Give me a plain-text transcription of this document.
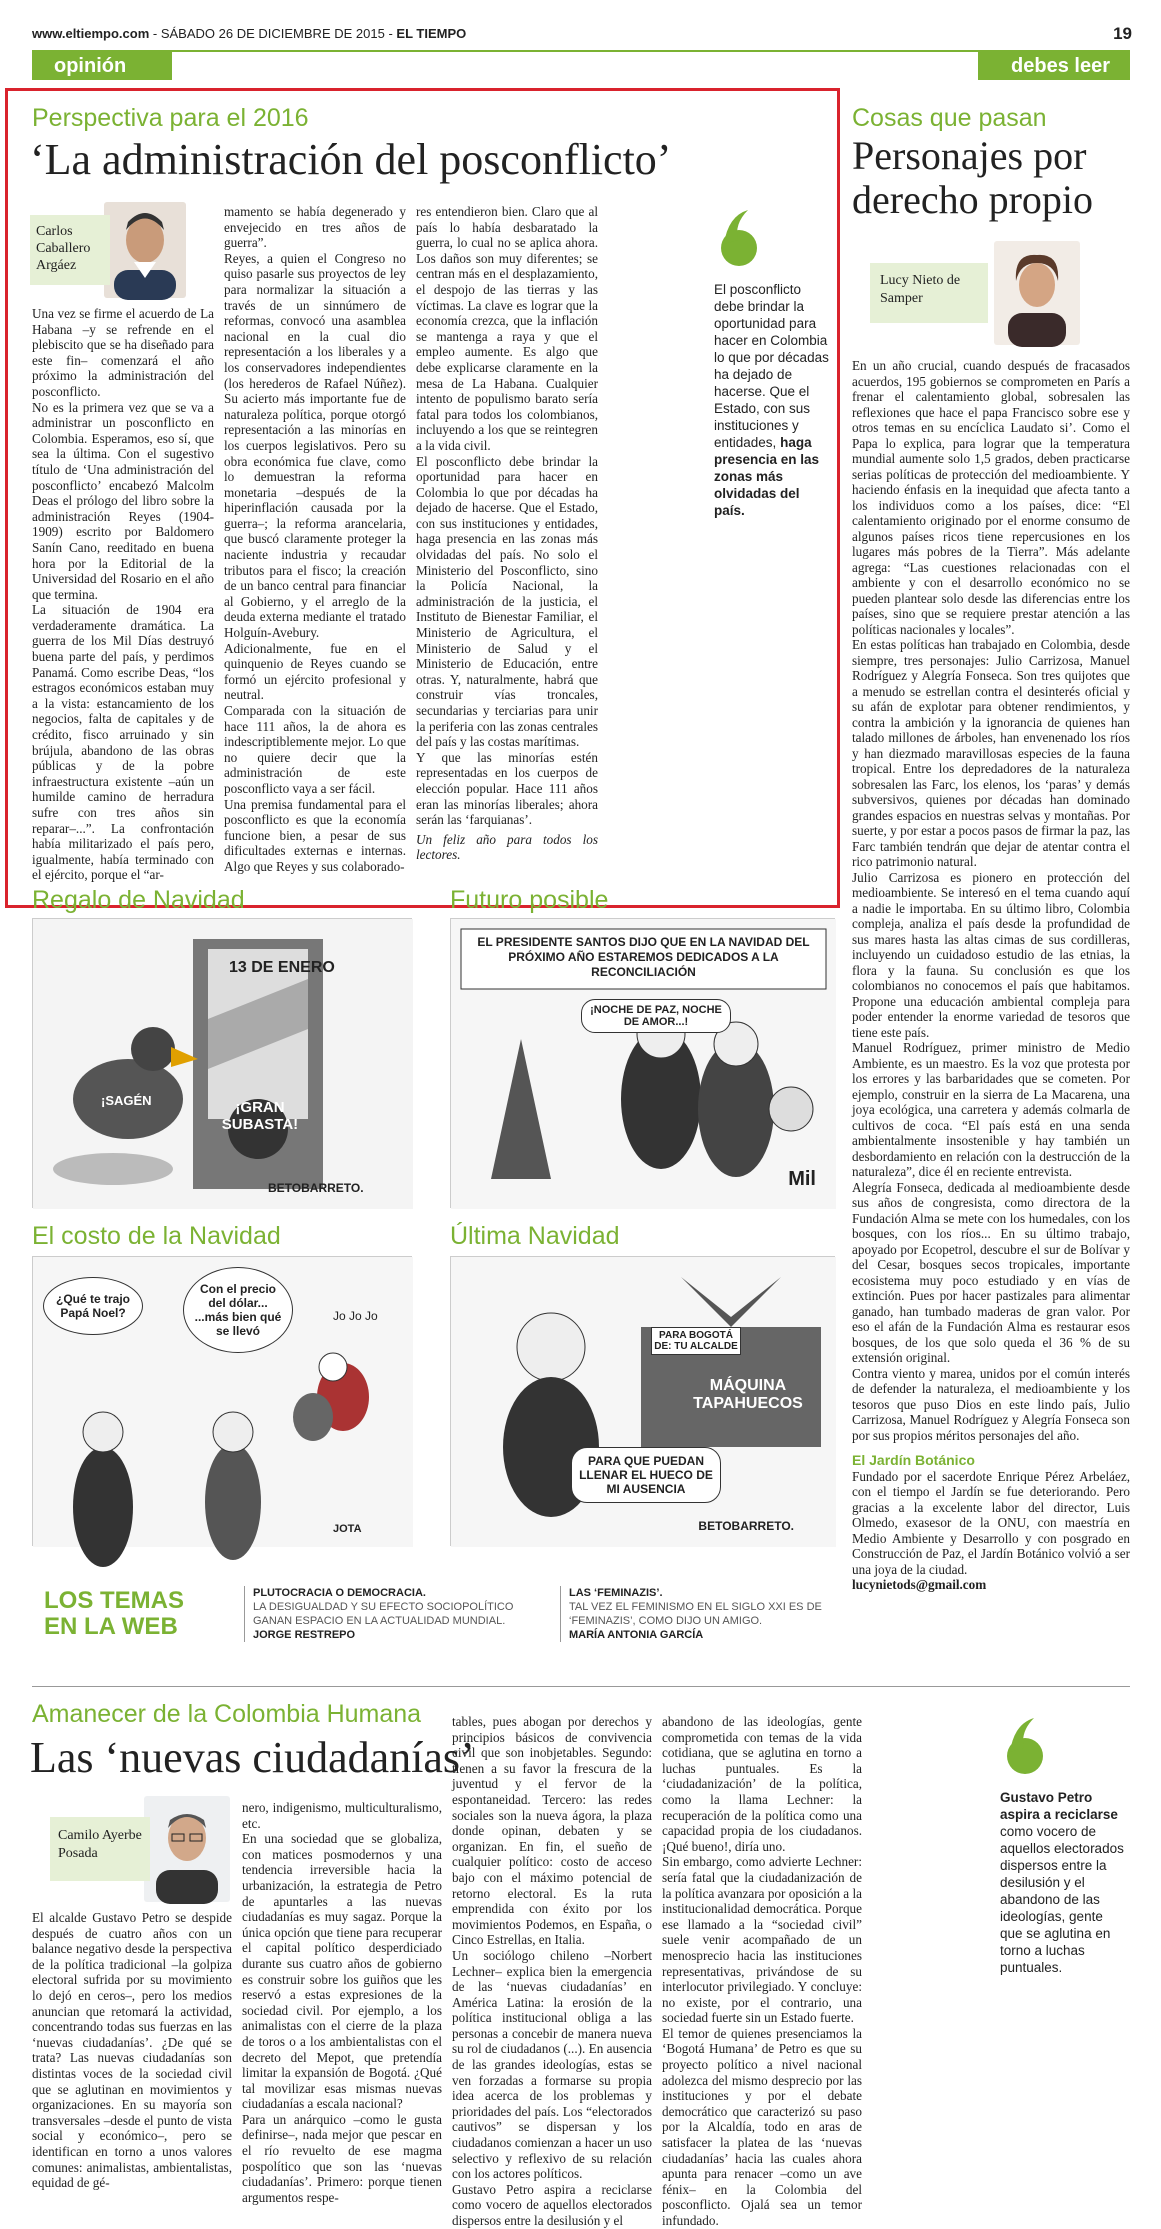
www.eltiempo.com - SÁBADO 26 DE DICIEMBRE DE 2015 - EL TIEMPO	19
opinión	debes leer
Perspectiva para el 2016
‘La administración del posconflicto’
Carlos Caballero Argáez
Una vez se firme el acuerdo de La Habana –y se refrende en el plebiscito que se ha diseñado para este fin– comenzará el año próximo la administración del posconflicto.
No es la primera vez que se va a administrar un posconflicto en Colombia. Esperamos, eso sí, que sea la última. Con el sugestivo título de ‘Una administración del posconflicto’ encabezó Malcolm Deas el prólogo del libro sobre la administración Reyes (1904-1909) escrito por Baldomero Sanín Cano, reeditado en buena hora por la Editorial de la Universidad del Rosario en el año que termina.
La situación de 1904 era verdaderamente dramática. La guerra de los Mil Días destruyó buena parte del país, y perdimos Panamá. Como escribe Deas, “los estragos económicos estaban muy a la vista: estancamiento de los negocios, falta de capitales y de crédito, fisco arruinado y sin brújula, abandono de las obras públicas y de la pobre infraestructura existente –aún un humilde camino de herradura sufre con tres años sin reparar–...”. La confrontación había militarizado el país pero, igualmente, había terminado con el ejército, porque el “ar-
mamento se había degenerado y envejecido en tres años de guerra”.
Reyes, a quien el Congreso no quiso pasarle sus proyectos de ley para normalizar la situación a través de un sinnúmero de reformas, convocó una asamblea nacional en la cual dio representación a los liberales y a los conservadores independientes (los herederos de Rafael Núñez). Su acierto más importante fue de naturaleza política, porque otorgó representación a las minorías en los cuerpos legislativos. Pero su obra económica fue clave, como lo demuestran la reforma monetaria –después de la hiperinflación causada por la guerra–; la reforma arancelaria, que buscó claramente proteger la naciente industria y recaudar tributos para el fisco; la creación de un banco central para financiar al Gobierno, y el arreglo de la deuda externa mediante el tratado Holguín-Avebury. Adicionalmente, fue en el quinquenio de Reyes cuando se formó un ejército profesional y neutral.
Comparada con la situación de hace 111 años, la de ahora es indescriptiblemente mejor. Lo que no quiere decir que la administración de este posconflicto vaya a ser fácil.
Una premisa fundamental para el posconflicto es que la economía funcione bien, a pesar de sus dificultades externas e internas. Algo que Reyes y sus colaborado-
res entendieron bien. Claro que al país lo había desbaratado la guerra, lo cual no se aplica ahora. Los daños son muy diferentes; se centran más en el desplazamiento, el despojo de las tierras y las víctimas. La clave es lograr que la economía crezca, que la inflación se mantenga a raya y que el empleo aumente. Es algo que debe explicarse claramente en la mesa de La Habana. Cualquier intento de populismo barato sería fatal para todos los colombianos, incluyendo a los que se reintegren a la vida civil.
El posconflicto debe brindar la oportunidad para hacer en Colombia lo que por décadas ha dejado de hacerse. Que el Estado, con sus instituciones y entidades, haga presencia en las zonas más olvidadas del país. No solo el Ministerio del Posconflicto, sino la Policía Nacional, la administración de la justicia, el Instituto de Bienestar Familiar, el Ministerio de Agricultura, el Ministerio de Salud y el Ministerio de Educación, entre otras. Y, naturalmente, habrá que construir vías troncales, secundarias y terciarias para unir la periferia con las zonas centrales del país y las costas marítimas.
Y que las minorías estén representadas en los cuerpos de elección popular. Hace 111 años eran las minorías liberales; ahora serán las ‘farquianas’.
Un feliz año para todos los lectores.
El posconflicto debe brindar la oportunidad para hacer en Colombia lo que por décadas ha dejado de hacerse. Que el Estado, con sus instituciones y entidades, haga presencia en las zonas más olvidadas del país.
Cosas que pasan
Personajes por derecho propio
Lucy Nieto de Samper
En un año crucial, cuando después de fracasados acuerdos, 195 gobiernos se comprometen en París a frenar el calentamiento global, sobresalen las reflexiones que hace el papa Francisco sobre ese y otros temas en su encíclica Laudato si’. Como el Papa lo explica, para lograr que la temperatura mundial aumente solo 1,5 grados, deben practicarse serias políticas de protección del medioambiente. Y haciendo énfasis en la inequidad que afecta tanto a los individuos como a los países, dice: “El calentamiento originado por el enorme consumo de algunos países ricos tiene repercusiones en los lugares más pobres de la Tierra”. Más adelante agrega: “Las cuestiones relacionadas con el ambiente y con el desarrollo económico no se pueden plantear solo desde las diferencias entre los países, sino que se requiere prestar atención a las políticas nacionales y locales”.
En estas políticas han trabajado en Colombia, desde siempre, tres personajes: Julio Carrizosa, Manuel Rodríguez y Alegría Fonseca. Son tres quijotes que a menudo se estrellan contra el desinterés oficial y su afán de explotar para obtener rendimientos, y contra la ambición y la ignorancia de quienes han talado millones de árboles, han envenenado los ríos y han diezmado maravillosas especies de la fauna tropical. Entre los depredadores de la naturaleza sobresalen las Farc, los elenos, los ‘paras’ y demás subversivos, quienes por décadas han dominado grandes espacios en nuestras selvas y montañas. Por suerte, y por estar a pocos pasos de firmar la paz, las Farc también tendrán que dejar de atentar contra el rico patrimonio natural.
Julio Carrizosa es pionero en protección del medioambiente. Se interesó en el tema cuando aquí a nadie le importaba. En su último libro, Colombia compleja, analiza el país desde la profundidad de sus mares hasta las altas cimas de sus cordilleras, incluyendo un cuidadoso estudio de las etnias, la flora y la fauna. Su conclusión es que los colombianos no conocemos el país que habitamos. Propone una educación ambiental compleja para poder entender la enorme variedad de tesoros que tiene este país.
Manuel Rodríguez, primer ministro de Medio Ambiente, es un maestro. Es la voz que protesta por los errores y las barbaridades que se cometen. Por ejemplo, construir en la sierra de La Macarena, una joya ecológica, una carretera y además colmarla de cultivos de coca. “El país está en una senda ambientalmente insostenible y hay también un desbordamiento en relación con la destrucción de la naturaleza”, dice él en reciente entrevista.
Alegría Fonseca, dedicada al medioambiente desde sus años de congresista, como directora de la Fundación Alma se mete con los humedales, con los bosques, con los ríos... En su último trabajo, apoyado por Ecopetrol, descubre el sur de Bolívar y del Cesar, bosques secos tropicales, importante ecosistema muy poco estudiado y en vías de extinción. Pues por hacer pastizales para alimentar ganado, han tumbado maderas de gran valor. Por eso el afán de la Fundación Alma es restaurar esos bosques, de los que solo queda el 36 % de su extensión original.
Contra viento y marea, unidos por el común interés de defender la naturaleza, el medioambiente y los tesoros que puso Dios en este lindo país, Julio Carrizosa, Manuel Rodríguez y Alegría Fonseca son por sus propios méritos personajes del año.
El Jardín Botánico
Fundado por el sacerdote Enrique Pérez Arbeláez, con el tiempo el Jardín se fue deteriorando. Pero gracias a la excelente labor del director, Luis Olmedo, exasesor de la ONU, con maestría en Medio Ambiente y Desarrollo y con posgrado en Construcción de Paz, el Jardín Botánico volvió a ser una joya de la ciudad.
lucynietods@gmail.com
Regalo de Navidad
13 DE ENERO
¡GRAN SUBASTA!
¡SAGÉN
BETOBARRETO.
Futuro posible
EL PRESIDENTE SANTOS DIJO QUE EN LA NAVIDAD DEL PRÓXIMO AÑO ESTAREMOS DEDICADOS A LA RECONCILIACIÓN
¡NOCHE DE PAZ, NOCHE DE AMOR...!
Mil
El costo de la Navidad
¿Qué te trajo Papá Noel?
Con el precio del dólar... ...más bien qué se llevó
Jo Jo Jo
JOTA
Última Navidad
PARA BOGOTÁ DE: TU ALCALDE
MÁQUINA TAPAHUECOS
PARA QUE PUEDAN LLENAR EL HUECO DE MI AUSENCIA
BETOBARRETO.
LOS TEMAS
EN LA WEB
PLUTOCRACIA O DEMOCRACIA.
LA DESIGUALDAD Y SU EFECTO SOCIOPOLÍTICO GANAN ESPACIO EN LA ACTUALIDAD MUNDIAL.
JORGE RESTREPO
LAS ‘FEMINAZIS’.
TAL VEZ EL FEMINISMO EN EL SIGLO XXI ES DE ‘FEMINAZIS’, COMO DIJO UN AMIGO.
MARÍA ANTONIA GARCÍA
Amanecer de la Colombia Humana
Las ‘nuevas ciudadanías’
Camilo Ayerbe Posada
El alcalde Gustavo Petro se despide después de cuatro años con un balance negativo desde la perspectiva de la política tradicional –la golpiza electoral sufrida por su movimiento lo dejó en ceros–, pero los medios anuncian que retomará la actividad, concentrando todas sus fuerzas en las ‘nuevas ciudadanías’. ¿De qué se trata? Las nuevas ciudadanías son distintas voces de la sociedad civil que se aglutinan en movimientos y organizaciones. En su mayoría son transversales –desde el punto de vista social y económico–, pero se identifican en torno a unos valores comunes: animalistas, ambientalistas, equidad de gé-
nero, indigenismo, multiculturalismo, etc.
En una sociedad que se globaliza, con matices posmodernos y una tendencia irreversible hacia la urbanización, la estrategia de Petro de apuntarles a las nuevas ciudadanías es muy sagaz. Porque la única opción que tiene para recuperar el capital político desperdiciado durante sus cuatro años de gobierno es construir sobre los guiños que les reservó a estas expresiones de la sociedad civil. Por ejemplo, a los animalistas con el cierre de la plaza de toros o a los ambientalistas con el decreto del Mepot, que pretendía limitar la expansión de Bogotá. ¿Qué tal movilizar esas mismas nuevas ciudadanías a escala nacional?
Para un anárquico –como le gusta definirse–, nada mejor que pescar en el río revuelto de ese magma pospolítico que son las ‘nuevas ciudadanías’. Primero: porque tienen argumentos respe-
tables, pues abogan por derechos y principios básicos de convivencia civil que son inobjetables. Segundo: tienen a su favor la frescura de la juventud y el fervor de la espontaneidad. Tercero: las redes sociales son la nueva ágora, la plaza donde opinan, debaten y se organizan. En fin, el sueño de cualquier político: costo de acceso bajo con el máximo potencial de retorno electoral. Es la ruta emprendida con éxito por los movimientos Podemos, en España, o Cinco Estrellas, en Italia.
Un sociólogo chileno –Norbert Lechner– explica bien la emergencia de las ‘nuevas ciudadanías’ en América Latina: la erosión de la política institucional obliga a las personas a concebir de manera nueva su rol de ciudadanos (...). En ausencia de las grandes ideologías, estas se ven forzadas a formarse su propia idea acerca de los problemas y prioridades del país. Los “electorados cautivos” se dispersan y los ciudadanos comienzan a hacer un uso selectivo y reflexivo de su relación con los actores políticos.
Gustavo Petro aspira a reciclarse como vocero de aquellos electorados dispersos entre la desilusión y el
abandono de las ideologías, gente comprometida con temas de la vida cotidiana, que se aglutina en torno a luchas puntuales. Es la ‘ciudadanización’ de la política, como la llama Lechner: la recuperación de la política como una capacidad propia de los ciudadanos. ¡Qué bueno!, diría uno.
Sin embargo, como advierte Lechner: sería fatal que la ciudadanización de la política avanzara por oposición a la institucionalidad democrática. Porque ese llamado a la “sociedad civil” suele venir acompañado de un menosprecio hacia las instituciones representativas, privándose de su interlocutor privilegiado. Y concluye: no existe, por el contrario, una sociedad fuerte sin un Estado fuerte.
El temor de quienes presenciamos la ‘Bogotá Humana’ de Petro es que su proyecto político a nivel nacional adolezca del mismo desprecio por las instituciones y por el debate democrático que caracterizó su paso por la Alcaldía, todo en aras de satisfacer la platea de las ‘nuevas ciudadanías’ hacia las cuales ahora apunta para renacer –como un ave fénix– en la Colombia del posconflicto. Ojalá sea un temor infundado.
Gustavo Petro aspira a reciclarse como vocero de aquellos electorados dispersos entre la desilusión y el abandono de las ideologías, gente que se aglutina en torno a luchas puntuales.
